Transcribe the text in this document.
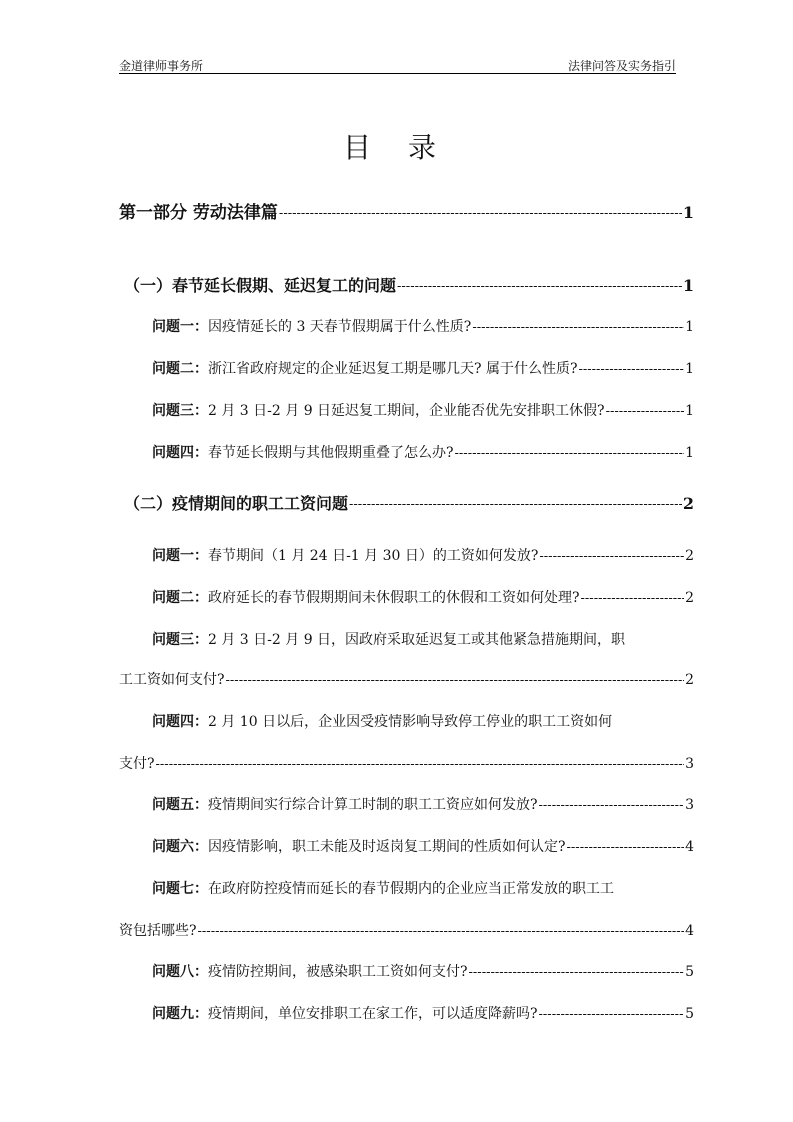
金道律师事务所	法律问答及实务指引
目 录
第一部分 劳动法律篇 -----	1
（一）春节延长假期、延迟复工的问题 -----	1
问题一： 因疫情延长的 3 天春节假期属于什么性质? -----	1
问题二： 浙江省政府规定的企业延迟复工期是哪几天? 属于什么性质? -----	1
问题三： 2 月 3 日-2 月 9 日延迟复工期间，企业能否优先安排职工休假? -----	1
问题四： 春节延长假期与其他假期重叠了怎么办? -----	1
（二）疫情期间的职工工资问题 -----	2
问题一： 春节期间（1 月 24 日-1 月 30 日）的工资如何发放? -----	2
问题二： 政府延长的春节假期期间未休假职工的休假和工资如何处理? -----	2
问题三：2 月 3 日-2 月 9 日，因政府采取延迟复工或其他紧急措施期间，职
工工资如何支付? -----	2
问题四：2 月 10 日以后，企业因受疫情影响导致停工停业的职工工资如何
支付? -----	3
问题五： 疫情期间实行综合计算工时制的职工工资应如何发放? -----	3
问题六： 因疫情影响，职工未能及时返岗复工期间的性质如何认定? -----	4
问题七：在政府防控疫情而延长的春节假期内的企业应当正常发放的职工工
资包括哪些? -----	4
问题八： 疫情防控期间，被感染职工工资如何支付? -----	5
问题九： 疫情期间，单位安排职工在家工作，可以适度降薪吗? -----	5
